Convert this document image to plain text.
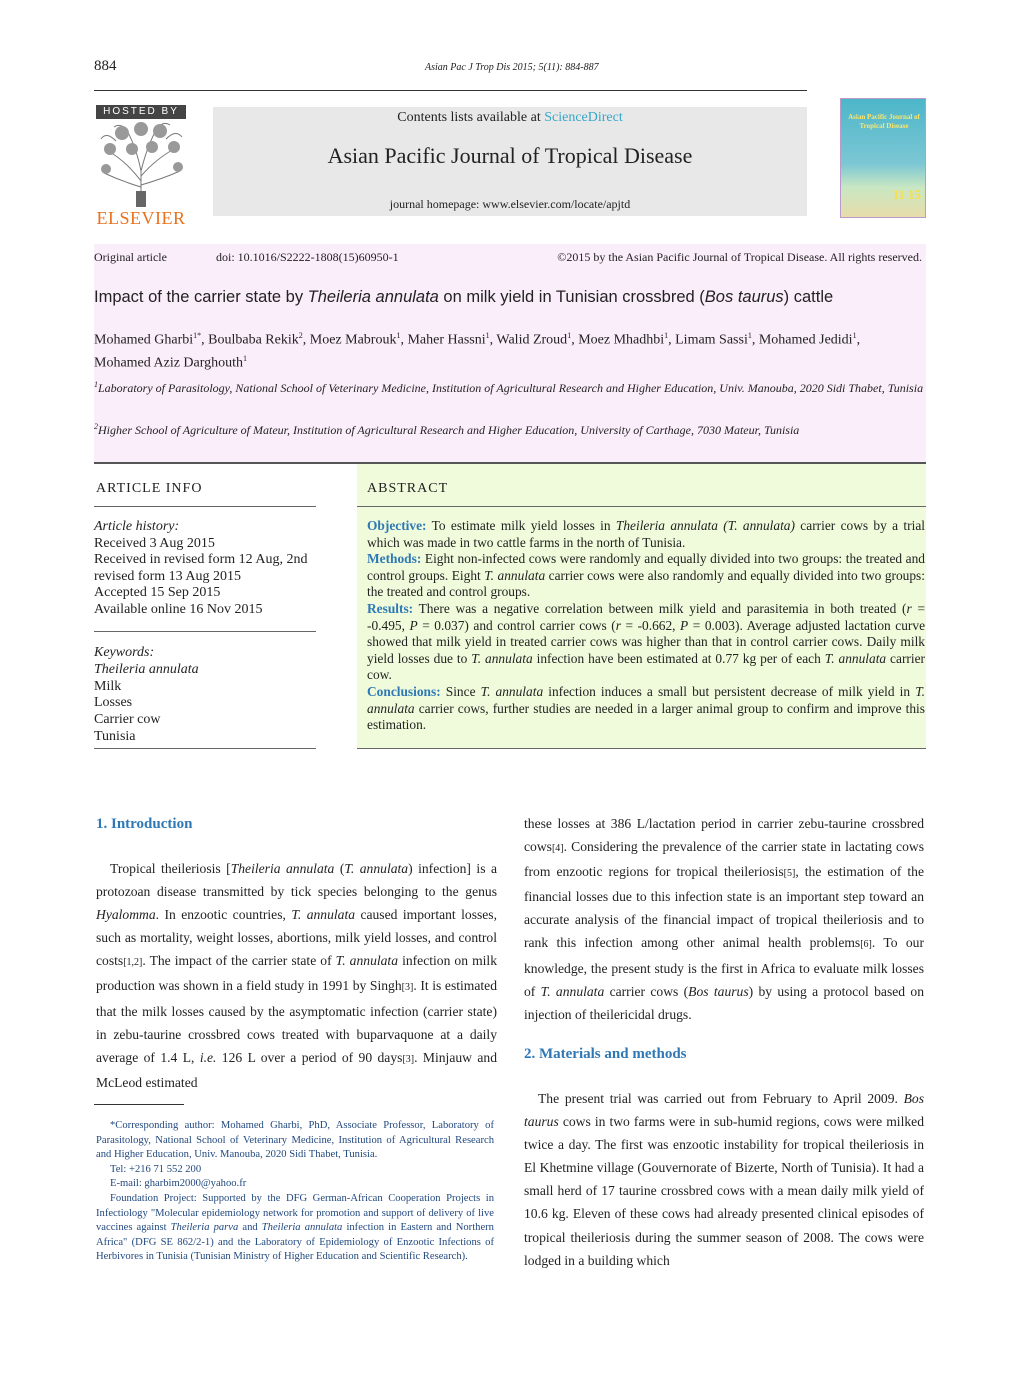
884	Asian Pac J Trop Dis 2015; 5(11): 884-887
HOSTED BY
ELSEVIER
Contents lists available at ScienceDirect
Asian Pacific Journal of Tropical Disease
journal homepage: www.elsevier.com/locate/apjtd
Asian Pacific Journal of Tropical Disease
11 15
Original article	doi: 10.1016/S2222-1808(15)60950-1	©2015 by the Asian Pacific Journal of Tropical Disease. All rights reserved.
Impact of the carrier state by Theileria annulata on milk yield in Tunisian crossbred (Bos taurus) cattle
Mohamed Gharbi$^{1*}$, Boulbaba Rekik$^2$, Moez Mabrouk$^1$, Maher Hassni$^1$, Walid Zroud$^1$, Moez Mhadhbi$^1$, Limam Sassi$^1$, Mohamed Jedidi$^1$,
Mohamed Aziz Darghouth$^1$
$^1$Laboratory of Parasitology, National School of Veterinary Medicine, Institution of Agricultural Research and Higher Education, Univ. Manouba, 2020 Sidi Thabet, Tunisia
$^2$Higher School of Agriculture of Mateur, Institution of Agricultural Research and Higher Education, University of Carthage, 7030 Mateur, Tunisia
ARTICLE INFO

Article history:

Received 3 Aug 2015

Received in revised form 12 Aug, 2nd revised form 13 Aug 2015

Accepted 15 Sep 2015

Available online 16 Nov 2015

Keywords:

Theileria annulata

Milk

Losses

Carrier cow

Tunisia

ABSTRACT

Objective: To estimate milk yield losses in Theileria annulata (T. annulata) carrier cows by a trial which was made in two cattle farms in the north of Tunisia.

Methods: Eight non-infected cows were randomly and equally divided into two groups: the treated and control groups. Eight T. annulata carrier cows were also randomly and equally divided into two groups: the treated and control groups.

Results: There was a negative correlation between milk yield and parasitemia in both treated (r = -0.495, P = 0.037) and control carrier cows (r = -0.662, P = 0.003). Average adjusted lactation curve showed that milk yield in treated carrier cows was higher than that in control carrier cows. Daily milk yield losses due to T. annulata infection have been estimated at 0.77 kg per of each T. annulata carrier cow.

Conclusions: Since T. annulata infection induces a small but persistent decrease of milk yield in T. annulata carrier cows, further studies are needed in a larger animal group to confirm and improve this estimation.

1. Introduction

Tropical theileriosis [Theileria annulata (T. annulata) infection] is a protozoan disease transmitted by tick species belonging to the genus Hyalomma. In enzootic countries, T. annulata caused important losses, such as mortality, weight losses, abortions, milk yield losses, and control costs[1,2]. The impact of the carrier state of T. annulata infection on milk production was shown in a field study in 1991 by Singh[3]. It is estimated that the milk losses caused by the asymptomatic infection (carrier state) in zebu-taurine crossbred cows treated with buparvaquone at a daily average of 1.4 L, i.e. 126 L over a period of 90 days[3]. Minjauw and McLeod estimated

*Corresponding author: Mohamed Gharbi, PhD, Associate Professor, Laboratory of Parasitology, National School of Veterinary Medicine, Institution of Agricultural Research and Higher Education, Univ. Manouba, 2020 Sidi Thabet, Tunisia.

Tel: +216 71 552 200

E-mail: gharbim2000@yahoo.fr

Foundation Project: Supported by the DFG German-African Cooperation Projects in Infectiology "Molecular epidemiology network for promotion and support of delivery of live vaccines against Theileria parva and Theileria annulata infection in Eastern and Northern Africa" (DFG SE 862/2-1) and the Laboratory of Epidemiology of Enzootic Infections of Herbivores in Tunisia (Tunisian Ministry of Higher Education and Scientific Research).

these losses at 386 L/lactation period in carrier zebu-taurine crossbred cows[4]. Considering the prevalence of the carrier state in lactating cows from enzootic regions for tropical theileriosis[5], the estimation of the financial losses due to this infection state is an important step toward an accurate analysis of the financial impact of tropical theileriosis and to rank this infection among other animal health problems[6]. To our knowledge, the present study is the first in Africa to evaluate milk losses of T. annulata carrier cows (Bos taurus) by using a protocol based on injection of theilericidal drugs.

2. Materials and methods

The present trial was carried out from February to April 2009. Bos taurus cows in two farms were in sub-humid regions, cows were milked twice a day. The first was enzootic instability for tropical theileriosis in El Khetmine village (Gouvernorate of Bizerte, North of Tunisia). It had a small herd of 17 taurine crossbred cows with a mean daily milk yield of 10.6 kg. Eleven of these cows had already presented clinical episodes of tropical theileriosis during the summer season of 2008. The cows were lodged in a building which
